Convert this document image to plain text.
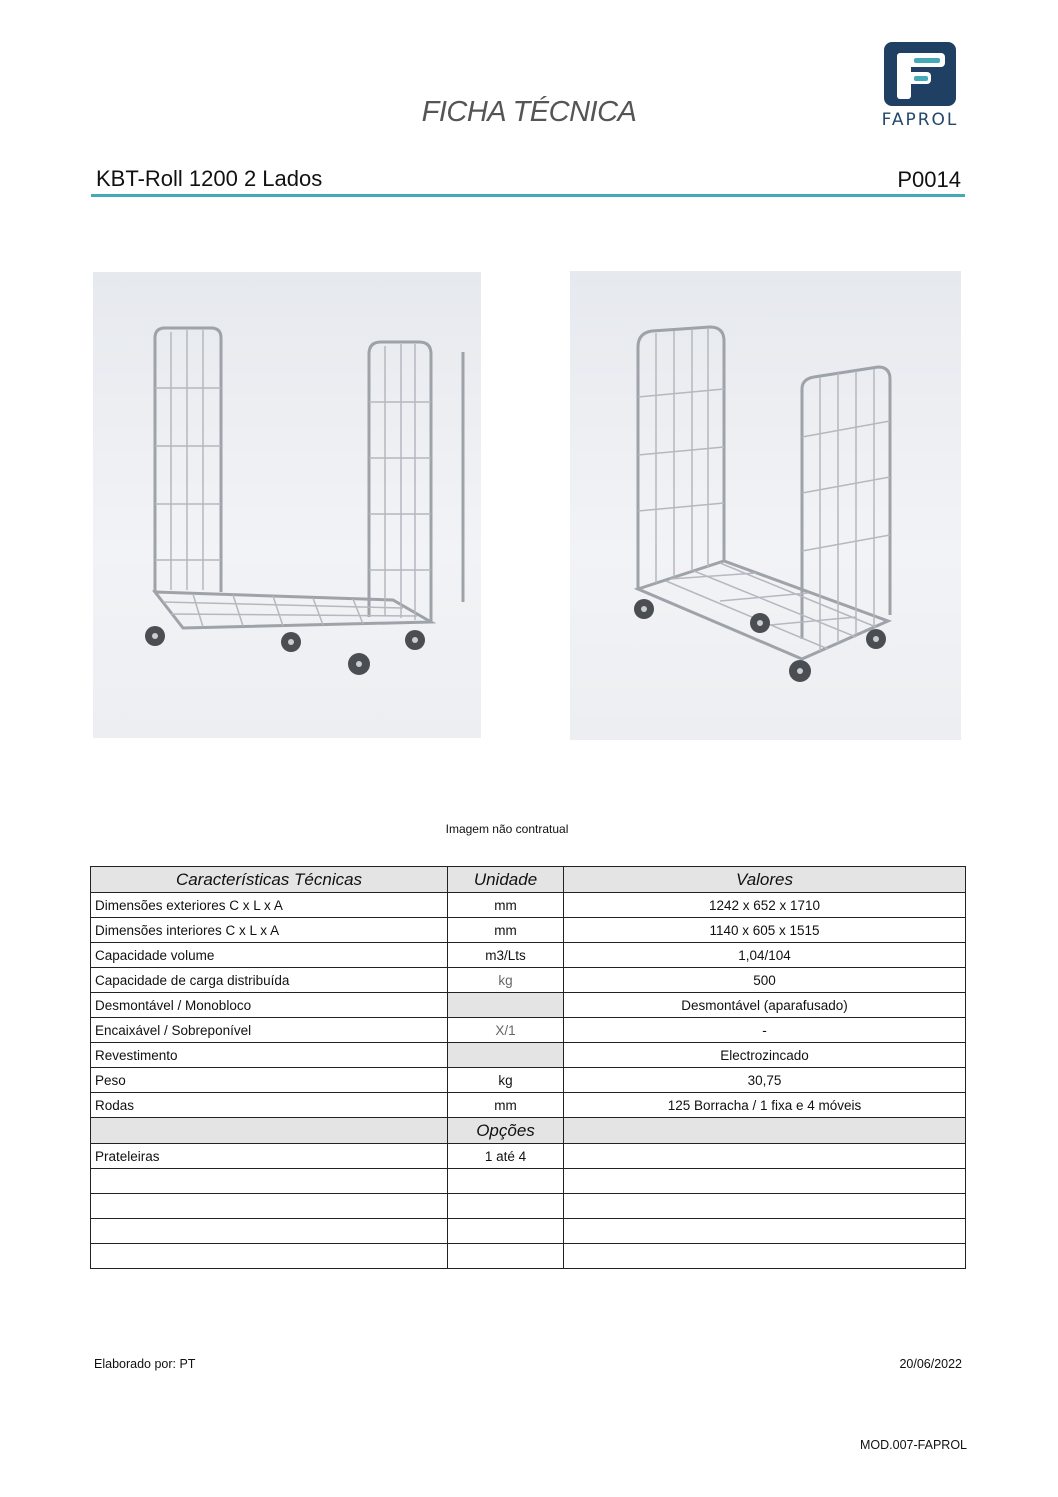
FICHA TÉCNICA	FAPROL
KBT-Roll 1200 2 Lados	P0014
Imagem não contratual
Características Técnicas	Unidade	Valores
Dimensões exteriores C x L x A	mm	1242 x 652 x 1710
Dimensões interiores C x L x A	mm	1140 x 605 x 1515
Capacidade volume	m3/Lts	1,04/104
Capacidade de carga distribuída	kg	500
Desmontável / Monobloco		Desmontável (aparafusado)
Encaixável / Sobreponível	X/1	-
Revestimento		Electrozincado
Peso	kg	30,75
Rodas	mm	125 Borracha / 1 fixa e 4 móveis
	Opções	
Prateleiras	1 até 4	

Elaborado por: PT	20/06/2022
MOD.007-FAPROL
